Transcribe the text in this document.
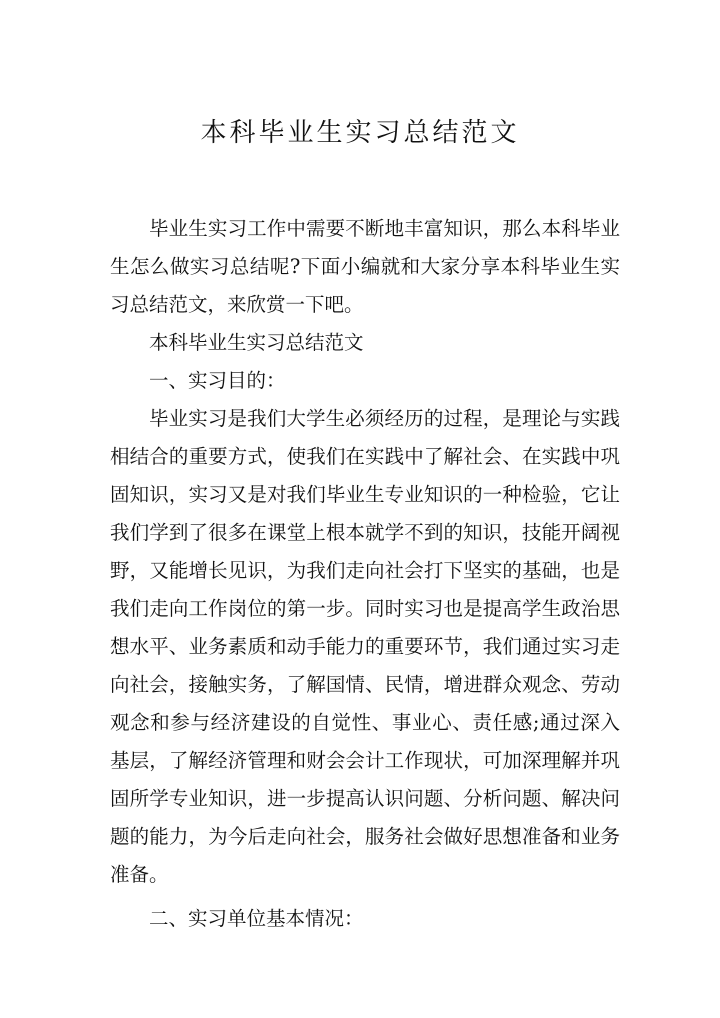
本科毕业生实习总结范文

毕业生实习工作中需要不断地丰富知识，那么本科毕业生怎么做实习总结呢?下面小编就和大家分享本科毕业生实习总结范文，来欣赏一下吧。

本科毕业生实习总结范文

一、实习目的：

毕业实习是我们大学生必须经历的过程，是理论与实践相结合的重要方式，使我们在实践中了解社会、在实践中巩固知识，实习又是对我们毕业生专业知识的一种检验，它让我们学到了很多在课堂上根本就学不到的知识，技能开阔视野，又能增长见识，为我们走向社会打下坚实的基础，也是我们走向工作岗位的第一步。同时实习也是提高学生政治思想水平、业务素质和动手能力的重要环节，我们通过实习走向社会，接触实务，了解国情、民情，增进群众观念、劳动观念和参与经济建设的自觉性、事业心、责任感;通过深入基层，了解经济管理和财会会计工作现状，可加深理解并巩固所学专业知识，进一步提高认识问题、分析问题、解决问题的能力，为今后走向社会，服务社会做好思想准备和业务准备。

二、实习单位基本情况：
